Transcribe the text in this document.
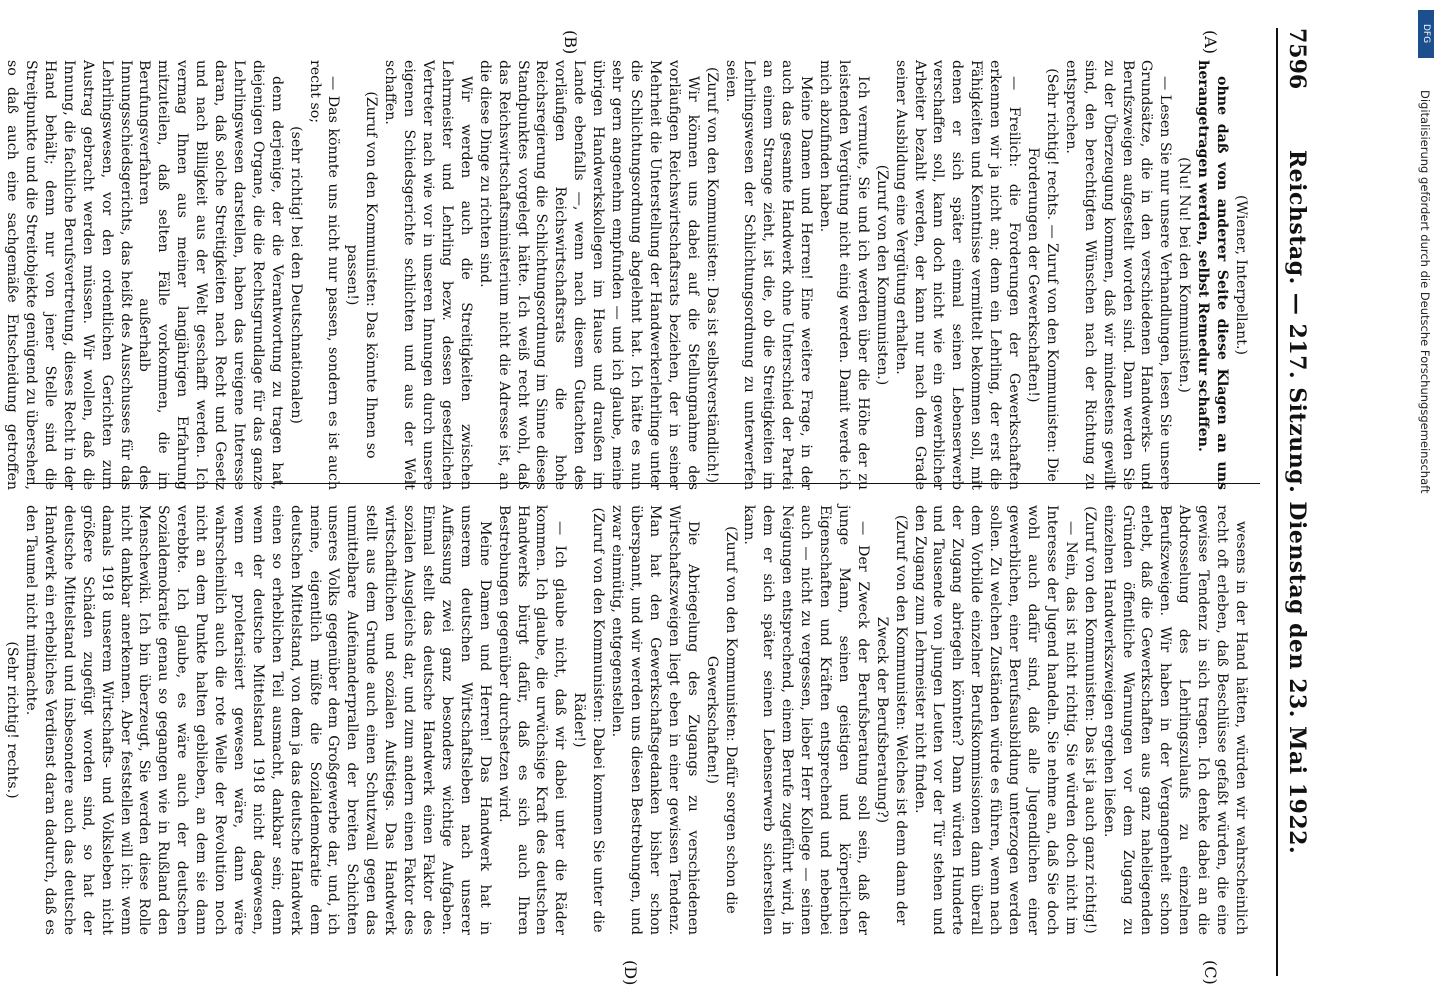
7596
Reichstag. — 217. Sitzung. Dienstag den 23. Mai 1922.
(A)
(B)
(C)
(D)

(Wiener, Interpellant.)

ohne daß von anderer Seite diese Klagen an uns herangetragen werden, selbst Remedur schaffen.

(Nu! Nu! bei den Kommunisten.)

— Lesen Sie nur unsere Verhandlungen, lesen Sie unsere Grundsätze, die in den verschiedenen Handwerks- und Berufszweigen aufgestellt worden sind. Dann werden Sie zu der Überzeugung kommen, daß wir mindestens gewillt sind, den berechtigten Wünschen nach der Richtung zu entsprechen.

(Sehr richtig! rechts. — Zuruf von den Kommunisten: Die Forderungen der Gewerkschaften!)

— Freilich: die Forderungen der Gewerkschaften erkennen wir ja nicht an; denn ein Lehrling, der erst die Fähigkeiten und Kenntnisse vermittelt bekommen soll, mit denen er sich später einmal seinen Lebenserwerb verschaffen soll, kann doch nicht wie ein gewerblicher Arbeiter bezahlt werden, der kann nur nach dem Grade seiner Ausbildung eine Vergütung erhalten.

(Zuruf von den Kommunisten.)

Ich vermute, Sie und ich werden über die Höhe der zu leistenden Vergütung nicht einig werden. Damit werde ich mich abzufinden haben.

Meine Damen und Herren! Eine weitere Frage, in der auch das gesamte Handwerk ohne Unterschied der Partei an einem Strange zieht, ist die, ob die Streitigkeiten im Lehrlingswesen der Schlichtungsordnung zu unterwerfen seien.

(Zuruf von den Kommunisten: Das ist selbstverständlich!)

Wir können uns dabei auf die Stellungnahme des vorläufigen Reichswirtschaftsrats beziehen, der in seiner Mehrheit die Unterstellung der Handwerkerlehrlinge unter die Schlichtungsordnung abgelehnt hat. Ich hätte es nun sehr gern angenehm empfunden — und ich glaube, meine übrigen Handwerkskollegen im Hause und draußen im Lande ebenfalls —, wenn nach diesem Gutachten des vorläufigen Reichswirtschaftsrats die hohe Reichsregierung die Schlichtungsordnung im Sinne dieses Standpunktes vorgelegt hätte. Ich weiß recht wohl, daß das Reichswirtschaftsministerium nicht die Adresse ist, an die diese Dinge zu richten sind.

Wir werden auch die Streitigkeiten zwischen Lehrmeister und Lehrling bezw. dessen gesetzlichen Vertreter nach wie vor in unseren Innungen durch unsere eigenen Schiedsgerichte schlichten und aus der Welt schaffen.

(Zuruf von den Kommunisten: Das könnte Ihnen so passen!)

— Das könnte uns nicht nur passen, sondern es ist auch recht so;

(sehr richtig! bei den Deutschnationalen)

denn derjenige, der die Verantwortung zu tragen hat, diejenigen Organe, die die Rechtsgrundlage für das ganze Lehrlingswesen darstellen, haben das ureigene Interesse daran, daß solche Streitigkeiten nach Recht und Gesetz und nach Billigkeit aus der Welt geschafft werden. Ich vermag Ihnen aus meiner langjährigen Erfahrung mitzuteilen, daß selten Fälle vorkommen, die im Berufungsverfahren außerhalb des Innungsschiedsgerichts, das heißt des Ausschusses für das Lehrlingswesen, vor den ordentlichen Gerichten zum Austrag gebracht werden müssen. Wir wollen, daß die Innung, die fachliche Berufsvertretung, dieses Recht in der Hand behält; denn nur von jener Stelle sind die Streitpunkte und die Streitobjekte genügend zu übersehen, so daß auch eine sachgemäße Entscheidung getroffen

wesens in der Hand hätten, würden wir wahrscheinlich recht oft erleben, daß Beschlüsse gefaßt würden, die eine gewisse Tendenz in sich tragen. Ich denke dabei an die Abdrosselung des Lehrlingszulaufs zu einzelnen Berufszweigen. Wir haben in der Vergangenheit schon erlebt, daß die Gewerkschaften aus ganz naheliegenden Gründen öffentliche Warnungen vor dem Zugang zu einzelnen Handwerkszweigen ergehen ließen.

(Zuruf von den Kommunisten: Das ist ja auch ganz richtig!)

— Nein, das ist nicht richtig. Sie würden doch nicht im Interesse der Jugend handeln. Sie nehme an, daß Sie doch wohl auch dafür sind, daß alle Jugendlichen einer gewerblichen, einer Berufsausbildung unterzogen werden sollen. Zu welchen Zuständen würde es führen, wenn nach dem Vorbilde einzelner Berufskommissionen dann überall der Zugang abriegeln könnten? Dann würden Hunderte und Tausende von jungen Leuten vor der Tür stehen und den Zugang zum Lehrmeister nicht finden.

(Zuruf von den Kommunisten: Welches ist denn dann der Zweck der Berufsberatung?)

— Der Zweck der Berufsberatung soll sein, daß der junge Mann, seinen geistigen und körperlichen Eigenschaften und Kräften entsprechend und nebenbei auch — nicht zu vergessen, lieber Herr Kollege — seinen Neigungen entsprechend, einem Berufe zugeführt wird, in dem er sich später seinen Lebenserwerb sicherstellen kann.

(Zuruf von den Kommunisten: Dafür sorgen schon die Gewerkschaften!)

Die Abriegelung des Zugangs zu verschiedenen Wirtschaftszweigen liegt eben in einer gewissen Tendenz. Man hat den Gewerkschaftsgedanken bisher schon überspannt, und wir werden uns diesen Bestrebungen, und zwar einmütig, entgegenstellen.

(Zuruf von den Kommunisten: Dabei kommen Sie unter die Räder!)

— Ich glaube nicht, daß wir dabei unter die Räder kommen. Ich glaube, die urwüchsige Kraft des deutschen Handwerks bürgt dafür, daß es sich auch Ihren Bestrebungen gegenüber durchsetzen wird.

Meine Damen und Herren! Das Handwerk hat in unserem deutschen Wirtschaftsleben nach unserer Auffassung zwei ganz besonders wichtige Aufgaben. Einmal stellt das deutsche Handwerk einen Faktor des sozialen Ausgleichs dar, und zum andern einen Faktor des wirtschaftlichen und sozialen Aufstiegs. Das Handwerk stellt aus dem Grunde auch einen Schutzwall gegen das unmittelbare Aufeinanderprallen der breiten Schichten unseres Volks gegenüber dem Großgewerbe dar, und, ich meine, eigentlich müßte die Sozialdemokratie dem deutschen Mittelstand, von dem ja das deutsche Handwerk einen so erheblichen Teil ausmacht, dankbar sein; denn wenn der deutsche Mittelstand 1918 nicht dagewesen, wenn er proletarisiert gewesen wäre, dann wäre wahrscheinlich auch die rote Welle der Revolution noch nicht an dem Punkte halten geblieben, an dem sie dann verebbte. Ich glaube, es wäre auch der deutschen Sozialdemokratie genau so gegangen wie in Rußland den Menschewiki. Ich bin überzeugt, Sie werden diese Rolle nicht dankbar anerkennen. Aber feststellen will ich: wenn damals 1918 unserem Wirtschafts- und Volksleben nicht größere Schäden zugefügt worden sind, so hat der deutsche Mittelstand und insbesondere auch das deutsche Handwerk ein erhebliches Verdienst daran dadurch, daß es den Taumel nicht mitmachte.

(Sehr richtig! rechts.)

Digitalisierung gefördert durch die Deutsche Forschungsgemeinschaft
DFG
